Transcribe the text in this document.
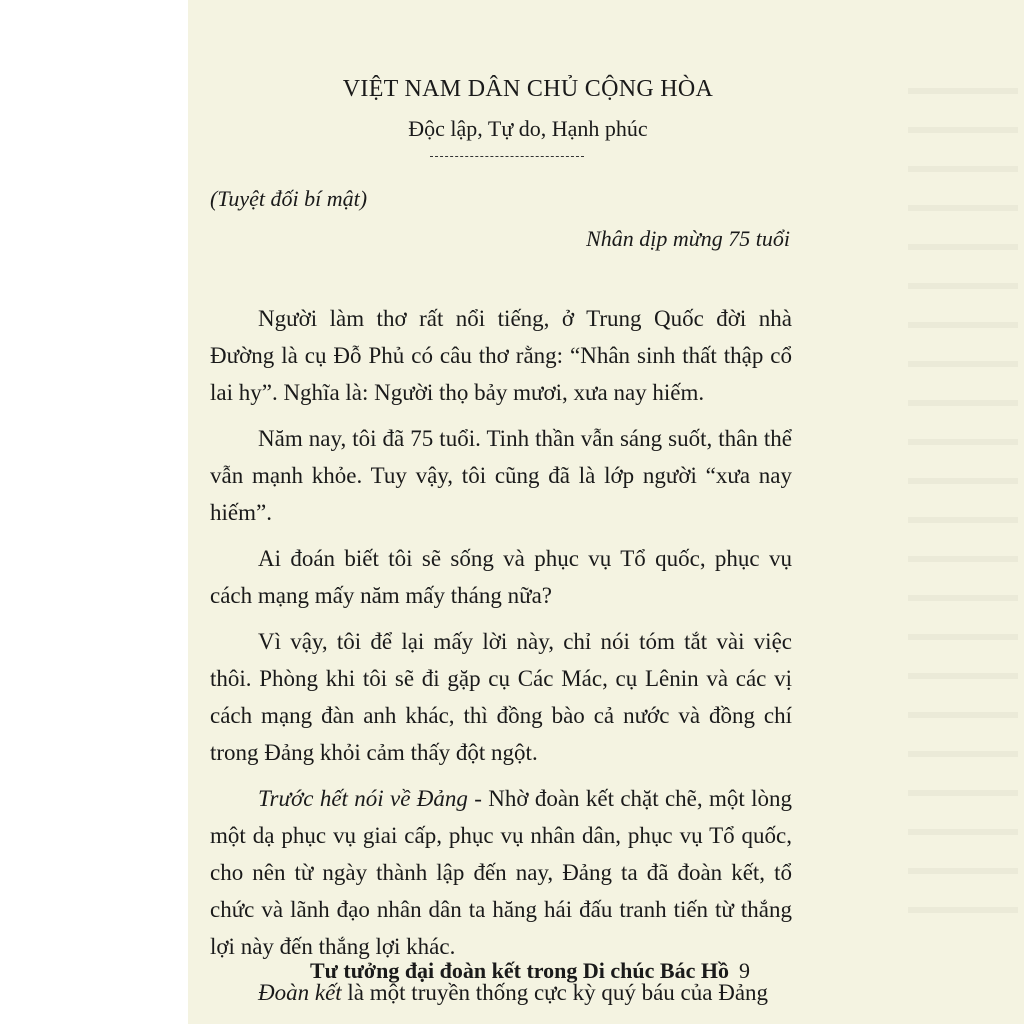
VIỆT NAM DÂN CHỦ CỘNG HÒA
Độc lập, Tự do, Hạnh phúc
(Tuyệt đối bí mật)
Nhân dịp mừng 75 tuổi

Người làm thơ rất nổi tiếng, ở Trung Quốc đời nhà Đường là cụ Đỗ Phủ có câu thơ rằng: “Nhân sinh thất thập cổ lai hy”. Nghĩa là: Người thọ bảy mươi, xưa nay hiếm.

Năm nay, tôi đã 75 tuổi. Tinh thần vẫn sáng suốt, thân thể vẫn mạnh khỏe. Tuy vậy, tôi cũng đã là lớp người “xưa nay hiếm”.

Ai đoán biết tôi sẽ sống và phục vụ Tổ quốc, phục vụ cách mạng mấy năm mấy tháng nữa?

Vì vậy, tôi để lại mấy lời này, chỉ nói tóm tắt vài việc thôi. Phòng khi tôi sẽ đi gặp cụ Các Mác, cụ Lênin và các vị cách mạng đàn anh khác, thì đồng bào cả nước và đồng chí trong Đảng khỏi cảm thấy đột ngột.

Trước hết nói về Đảng - Nhờ đoàn kết chặt chẽ, một lòng một dạ phục vụ giai cấp, phục vụ nhân dân, phục vụ Tổ quốc, cho nên từ ngày thành lập đến nay, Đảng ta đã đoàn kết, tổ chức và lãnh đạo nhân dân ta hăng hái đấu tranh tiến từ thắng lợi này đến thắng lợi khác.

Đoàn kết là một truyền thống cực kỳ quý báu của Đảng

Tư tưởng đại đoàn kết trong Di chúc Bác Hồ 9
